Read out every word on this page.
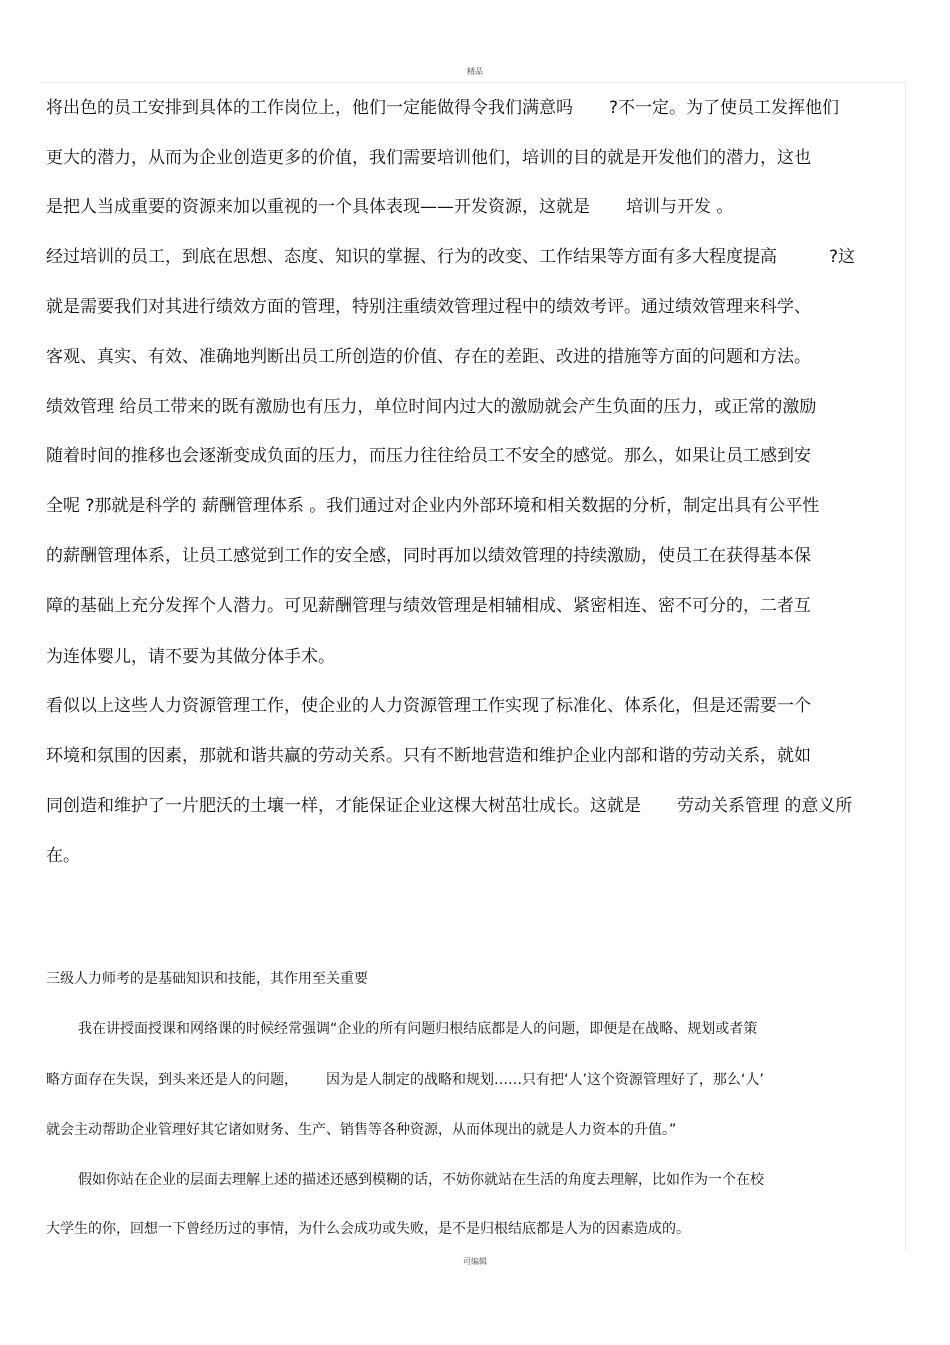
精品
将出色的员工安排到具体的工作岗位上，他们一定能做得令我们满意吗 ?不一定。为了使员工发挥他们
更大的潜力，从而为企业创造更多的价值，我们需要培训他们，培训的目的就是开发他们的潜力，这也
是把人当成重要的资源来加以重视的一个具体表现——开发资源，这就是 培训与开发 。
经过培训的员工，到底在思想、态度、知识的掌握、行为的改变、工作结果等方面有多大程度提高	?这
就是需要我们对其进行绩效方面的管理，特别注重绩效管理过程中的绩效考评。通过绩效管理来科学、
客观、真实、有效、准确地判断出员工所创造的价值、存在的差距、改进的措施等方面的问题和方法。
绩效管理 给员工带来的既有激励也有压力，单位时间内过大的激励就会产生负面的压力，或正常的激励
随着时间的推移也会逐渐变成负面的压力，而压力往往给员工不安全的感觉。那么，如果让员工感到安
全呢 ?那就是科学的 薪酬管理体系 。我们通过对企业内外部环境和相关数据的分析，制定出具有公平性
的薪酬管理体系，让员工感觉到工作的安全感，同时再加以绩效管理的持续激励，使员工在获得基本保
障的基础上充分发挥个人潜力。可见薪酬管理与绩效管理是相辅相成、紧密相连、密不可分的，二者互
为连体婴儿，请不要为其做分体手术。
看似以上这些人力资源管理工作，使企业的人力资源管理工作实现了标准化、体系化，但是还需要一个
环境和氛围的因素，那就和谐共赢的劳动关系。只有不断地营造和维护企业内部和谐的劳动关系，就如
同创造和维护了一片肥沃的土壤一样，才能保证企业这棵大树茁壮成长。这就是 劳动关系管理 的意义所
在。
三级人力师考的是基础知识和技能，其作用至关重要
我在讲授面授课和网络课的时候经常强调“企业的所有问题归根结底都是人的问题，即便是在战略、规划或者策
略方面存在失误，到头来还是人的问题， 因为是人制定的战略和规划……只有把‘人’这个资源管理好了，那么‘人’
就会主动帮助企业管理好其它诸如财务、生产、销售等各种资源，从而体现出的就是人力资本的升值。”
假如你站在企业的层面去理解上述的描述还感到模糊的话，不妨你就站在生活的角度去理解，比如作为一个在校
大学生的你，回想一下曾经历过的事情，为什么会成功或失败，是不是归根结底都是人为的因素造成的。
可编辑
